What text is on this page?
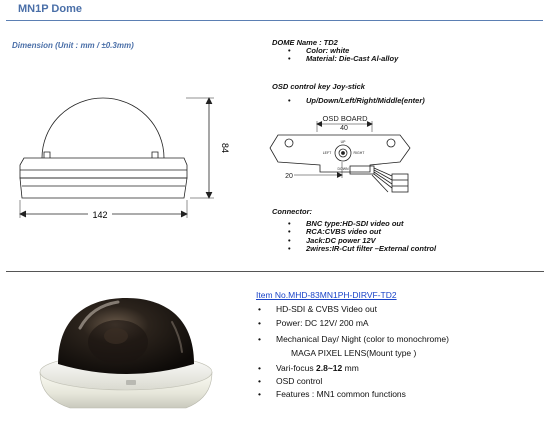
MN1P Dome
Dimension (Unit : mm / ±0.3mm)
84
142
DOME Name : TD2
• Color: white
• Material: Die-Cast Al-alloy
OSD control key Joy-stick
• Up/Down/Left/Right/Middle(enter)
OSD BOARD
40
UP
LEFT	RIGHT
DOWN
20
Connector:
• BNC type:HD-SDI video out
• RCA:CVBS video out
• Jack:DC power 12V
• 2wires:IR-Cut filter –External control
Item No.MHD-83MN1PH-DIRVF-TD2
• HD-SDI & CVBS Video out
• Power: DC 12V/ 200 mA
• Mechanical Day/ Night (color to monochrome)
MAGA PIXEL LENS(Mount type )
• Vari-focus 2.8~12 mm
• OSD control
• Features : MN1 common functions
